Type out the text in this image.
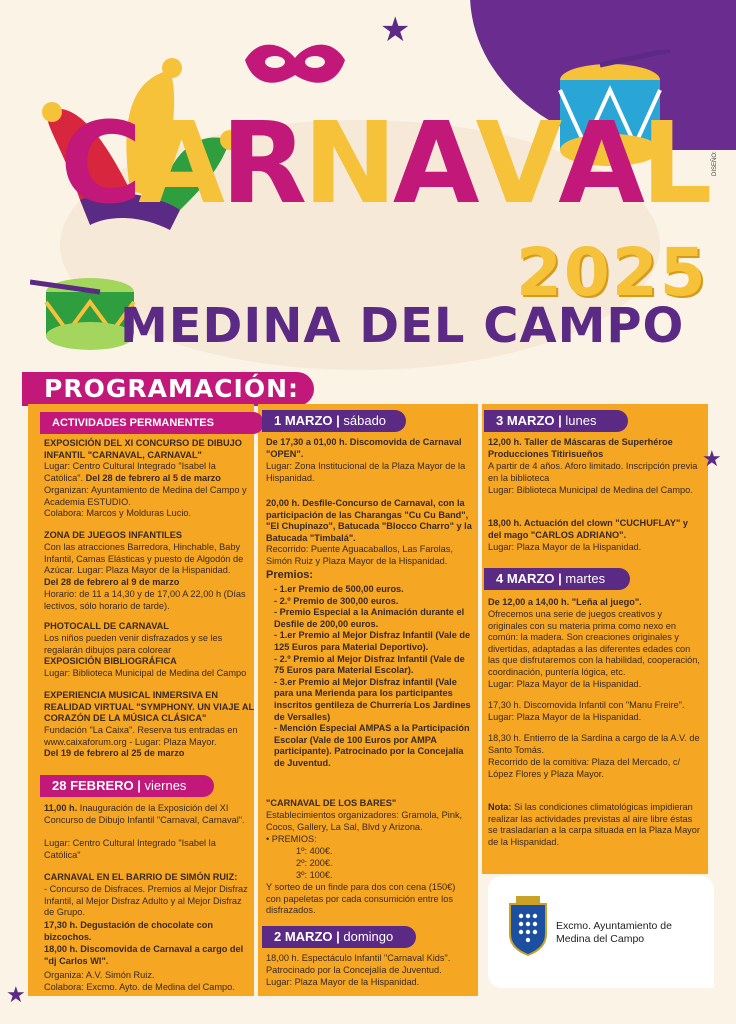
CARNAVAL
2025
MEDINA DEL CAMPO
DISEÑO:
★
PROGRAMACIÓN:
ACTIVIDADES PERMANENTES
EXPOSICIÓN DEL XI CONCURSO DE DIBUJO INFANTIL "CARNAVAL, CARNAVAL"
Lugar: Centro Cultural Integrado "Isabel la Católica". Del 28 de febrero al 5 de marzo
Organizan: Ayuntamiento de Medina del Campo y Academia ESTUDIO.
Colabora: Marcos y Molduras Lucio.
ZONA DE JUEGOS INFANTILES
Con las atracciones Barredora, Hinchable, Baby Infantil, Camas Elásticas y puesto de Algodón de Azúcar. Lugar: Plaza Mayor de la Hispanidad.
Del 28 de febrero al 9 de marzo
Horario: de 11 a 14,30 y de 17,00 A 22,00 h (Días lectivos, sólo horario de tarde).
PHOTOCALL DE CARNAVAL
Los niños pueden venir disfrazados y se les regalarán dibujos para colorear
EXPOSICIÓN BIBLIOGRÁFICA
Lugar: Biblioteca Municipal de Medina del Campo
EXPERIENCIA MUSICAL INMERSIVA EN REALIDAD VIRTUAL "SYMPHONY. UN VIAJE AL CORAZÓN DE LA MÚSICA CLÁSICA"
Fundación "La Caixa". Reserva tus entradas en www.caixaforum.org - Lugar: Plaza Mayor.
Del 19 de febrero al 25 de marzo
28 FEBRERO | viernes
11,00 h. Inauguración de la Exposición del XI Concurso de Dibujo Infantil "Carnaval, Carnaval".
Lugar: Centro Cultural Integrado "Isabel la Católica"
CARNAVAL EN EL BARRIO DE SIMÓN RUIZ:
- Concurso de Disfraces. Premios al Mejor Disfraz Infantil, al Mejor Disfraz Adulto y al Mejor Disfraz de Grupo.
17,30 h. Degustación de chocolate con bizcochos.
18,00 h. Discomovida de Carnaval a cargo del "dj Carlos Wl".
Organiza: A.V. Simón Ruiz.
Colabora: Excmo. Ayto. de Medina del Campo.
1 MARZO | sábado
De 17,30 a 01,00 h. Discomovida de Carnaval "OPEN".
Lugar: Zona Institucional de la Plaza Mayor de la Hispanidad.
20,00 h. Desfile-Concurso de Carnaval, con la participación de las Charangas "Cu Cu Band", "El Chupinazo", Batucada "Blocco Charro" y la Batucada "Timbalá".
Recorrido: Puente Aguacaballos, Las Farolas, Simón Ruiz y Plaza Mayor de la Hispanidad.
Premios:
- 1.er Premio de 500,00 euros.
- 2.º Premio de 300,00 euros.
- Premio Especial a la Animación durante el Desfile de 200,00 euros.
- 1.er Premio al Mejor Disfraz Infantil (Vale de 125 Euros para Material Deportivo).
- 2.º Premio al Mejor Disfraz Infantil (Vale de 75 Euros para Material Escolar).
- 3.er Premio al Mejor Disfraz infantil (Vale para una Merienda para los participantes inscritos gentileza de Churrería Los Jardines de Versalles)
- Mención Especial AMPAS a la Participación Escolar (Vale de 100 Euros por AMPA participante). Patrocinado por la Concejalía de Juventud.
"CARNAVAL DE LOS BARES"
Establecimientos organizadores: Gramola, Pink, Cocos, Gallery, La Sal, Blvd y Arizona.
• PREMIOS:
1º: 400€.
2º: 200€.
3º: 100€.
Y sorteo de un finde para dos con cena (150€) con papeletas por cada consumición entre los disfrazados.
2 MARZO | domingo
18,00 h. Espectáculo Infantil "Carnaval Kids". Patrocinado por la Concejalía de Juventud.
Lugar: Plaza Mayor de la Hispanidad.
3 MARZO | lunes
12,00 h. Taller de Máscaras de Superhéroe Producciones Titirisueños
A partir de 4 años. Aforo limitado. Inscripción previa en la biblioteca
Lugar: Biblioteca Municipal de Medina del Campo.
18,00 h. Actuación del clown "CUCHUFLAY" y del mago "CARLOS ADRIANO".
Lugar: Plaza Mayor de la Hispanidad.
4 MARZO | martes
De 12,00 a 14,00 h. "Leña al juego".
Ofrecemos una serie de juegos creativos y originales con su materia prima como nexo en común: la madera. Son creaciones originales y divertidas, adaptadas a las diferentes edades con las que disfrutaremos con la habilidad, cooperación, coordinación, puntería lógica, etc.
Lugar: Plaza Mayor de la Hispanidad.
17,30 h. Discomovida Infantil con "Manu Freire". Lugar: Plaza Mayor de la Hispanidad.
18,30 h. Entierro de la Sardina a cargo de la A.V. de Santo Tomás.
Recorrido de la comitiva: Plaza del Mercado, c/ López Flores y Plaza Mayor.
Nota: Si las condiciones climatológicas impidieran realizar las actividades previstas al aire libre éstas se trasladarían a la carpa situada en la Plaza Mayor de la Hispanidad.
Excmo. Ayuntamiento de
Medina del Campo
★
★
